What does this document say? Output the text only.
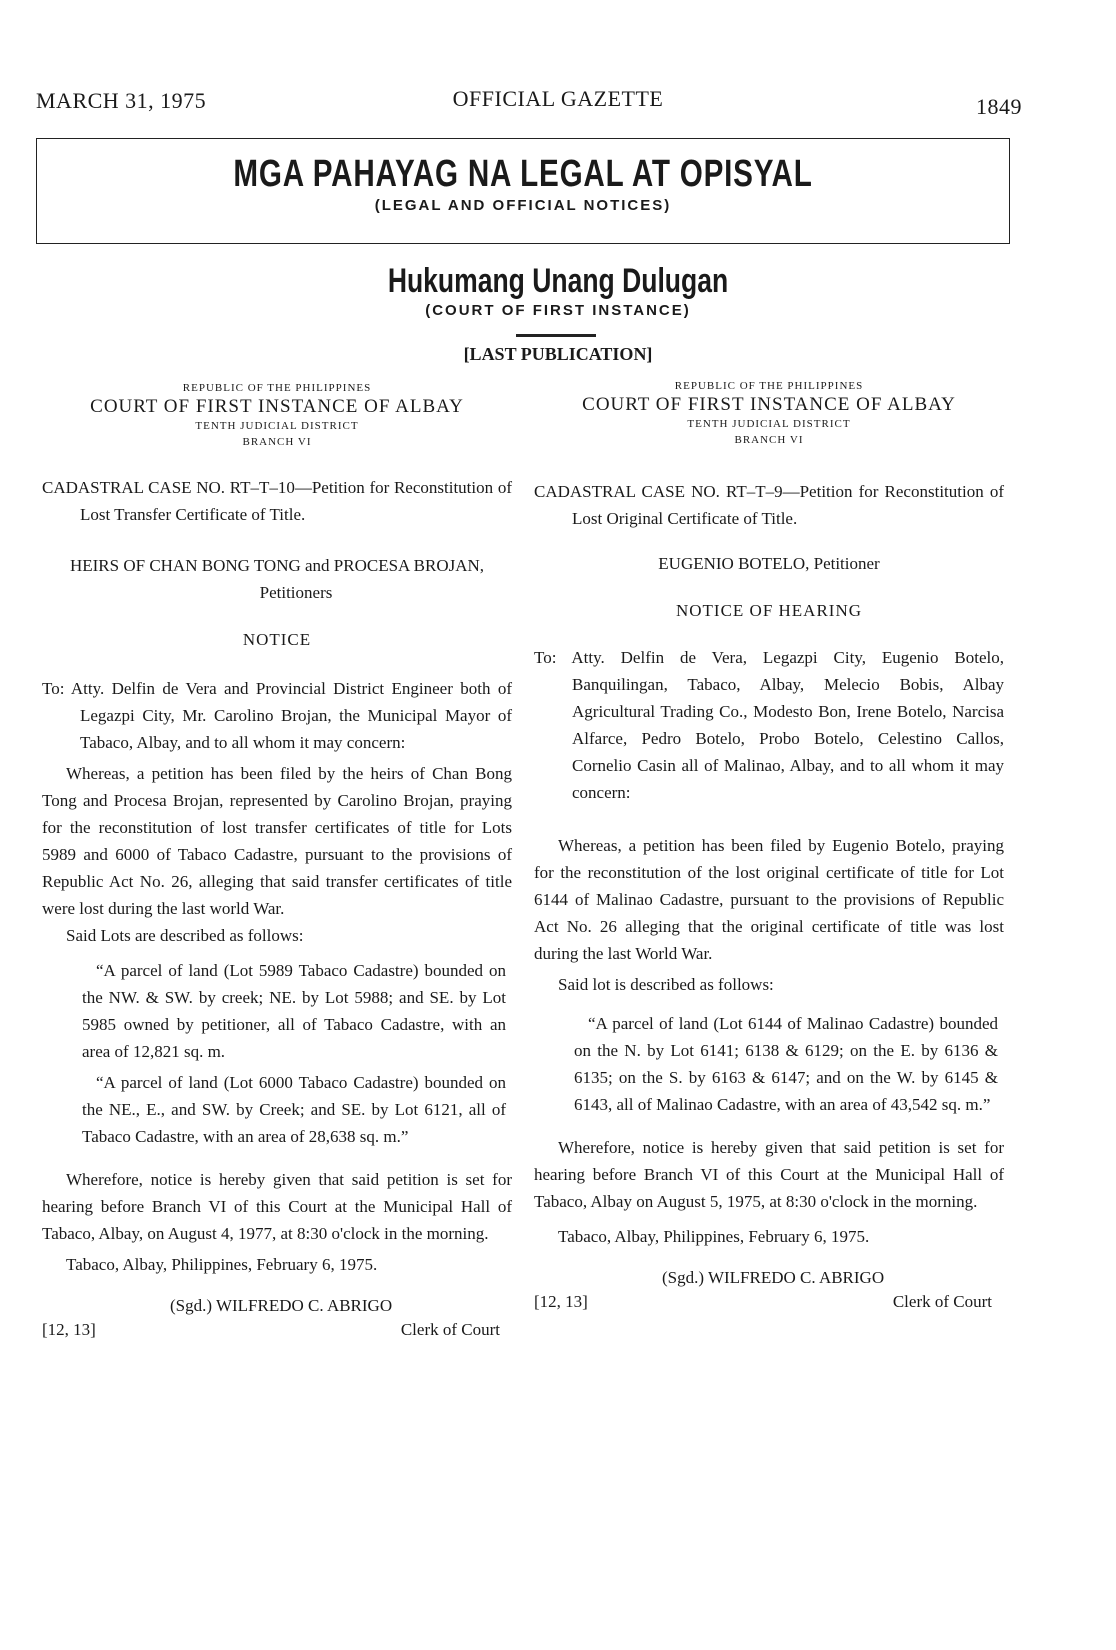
MARCH 31, 1975	OFFICIAL GAZETTE	1849
MGA PAHAYAG NA LEGAL AT OPISYAL
(LEGAL AND OFFICIAL NOTICES)
Hukumang Unang Dulugan
(COURT OF FIRST INSTANCE)
[LAST PUBLICATION]

REPUBLIC OF THE PHILIPPINES

COURT OF FIRST INSTANCE OF ALBAY

TENTH JUDICIAL DISTRICT

BRANCH VI

CADASTRAL CASE NO. RT–T–10—Petition for Reconstitution of Lost Transfer Certificate of Title.

HEIRS OF CHAN BONG TONG and PROCESA BROJAN, Petitioners

NOTICE

To: Atty. Delfin de Vera and Provincial District Engineer both of Legazpi City, Mr. Carolino Brojan, the Municipal Mayor of Tabaco, Albay, and to all whom it may concern:

Whereas, a petition has been filed by the heirs of Chan Bong Tong and Procesa Brojan, represented by Carolino Brojan, praying for the reconstitution of lost transfer certificates of title for Lots 5989 and 6000 of Tabaco Cadastre, pursuant to the provisions of Republic Act No. 26, alleging that said transfer certificates of title were lost during the last world War.

Said Lots are described as follows:

“A parcel of land (Lot 5989 Tabaco Cadastre) bounded on the NW. & SW. by creek; NE. by Lot 5988; and SE. by Lot 5985 owned by petitioner, all of Tabaco Cadastre, with an area of 12,821 sq. m.

“A parcel of land (Lot 6000 Tabaco Cadastre) bounded on the NE., E., and SW. by Creek; and SE. by Lot 6121, all of Tabaco Cadastre, with an area of 28,638 sq. m.”

Wherefore, notice is hereby given that said petition is set for hearing before Branch VI of this Court at the Municipal Hall of Tabaco, Albay, on August 4, 1977, at 8:30 o'clock in the morning.

Tabaco, Albay, Philippines, February 6, 1975.

(Sgd.) WILFREDO C. ABRIGO
[12, 13]	Clerk of Court

REPUBLIC OF THE PHILIPPINES

COURT OF FIRST INSTANCE OF ALBAY

TENTH JUDICIAL DISTRICT

BRANCH VI

CADASTRAL CASE NO. RT–T–9—Petition for Reconstitution of Lost Original Certificate of Title.

EUGENIO BOTELO, Petitioner

NOTICE OF HEARING

To: Atty. Delfin de Vera, Legazpi City, Eugenio Botelo, Banquilingan, Tabaco, Albay, Melecio Bobis, Albay Agricultural Trading Co., Modesto Bon, Irene Botelo, Narcisa Alfarce, Pedro Botelo, Probo Botelo, Celestino Callos, Cornelio Casin all of Malinao, Albay, and to all whom it may concern:

Whereas, a petition has been filed by Eugenio Botelo, praying for the reconstitution of the lost original certificate of title for Lot 6144 of Malinao Cadastre, pursuant to the provisions of Republic Act No. 26 alleging that the original certificate of title was lost during the last World War.

Said lot is described as follows:

“A parcel of land (Lot 6144 of Malinao Cadastre) bounded on the N. by Lot 6141; 6138 & 6129; on the E. by 6136 & 6135; on the S. by 6163 & 6147; and on the W. by 6145 & 6143, all of Malinao Cadastre, with an area of 43,542 sq. m.”

Wherefore, notice is hereby given that said petition is set for hearing before Branch VI of this Court at the Municipal Hall of Tabaco, Albay on August 5, 1975, at 8:30 o'clock in the morning.

Tabaco, Albay, Philippines, February 6, 1975.

(Sgd.) WILFREDO C. ABRIGO
[12, 13]	Clerk of Court
